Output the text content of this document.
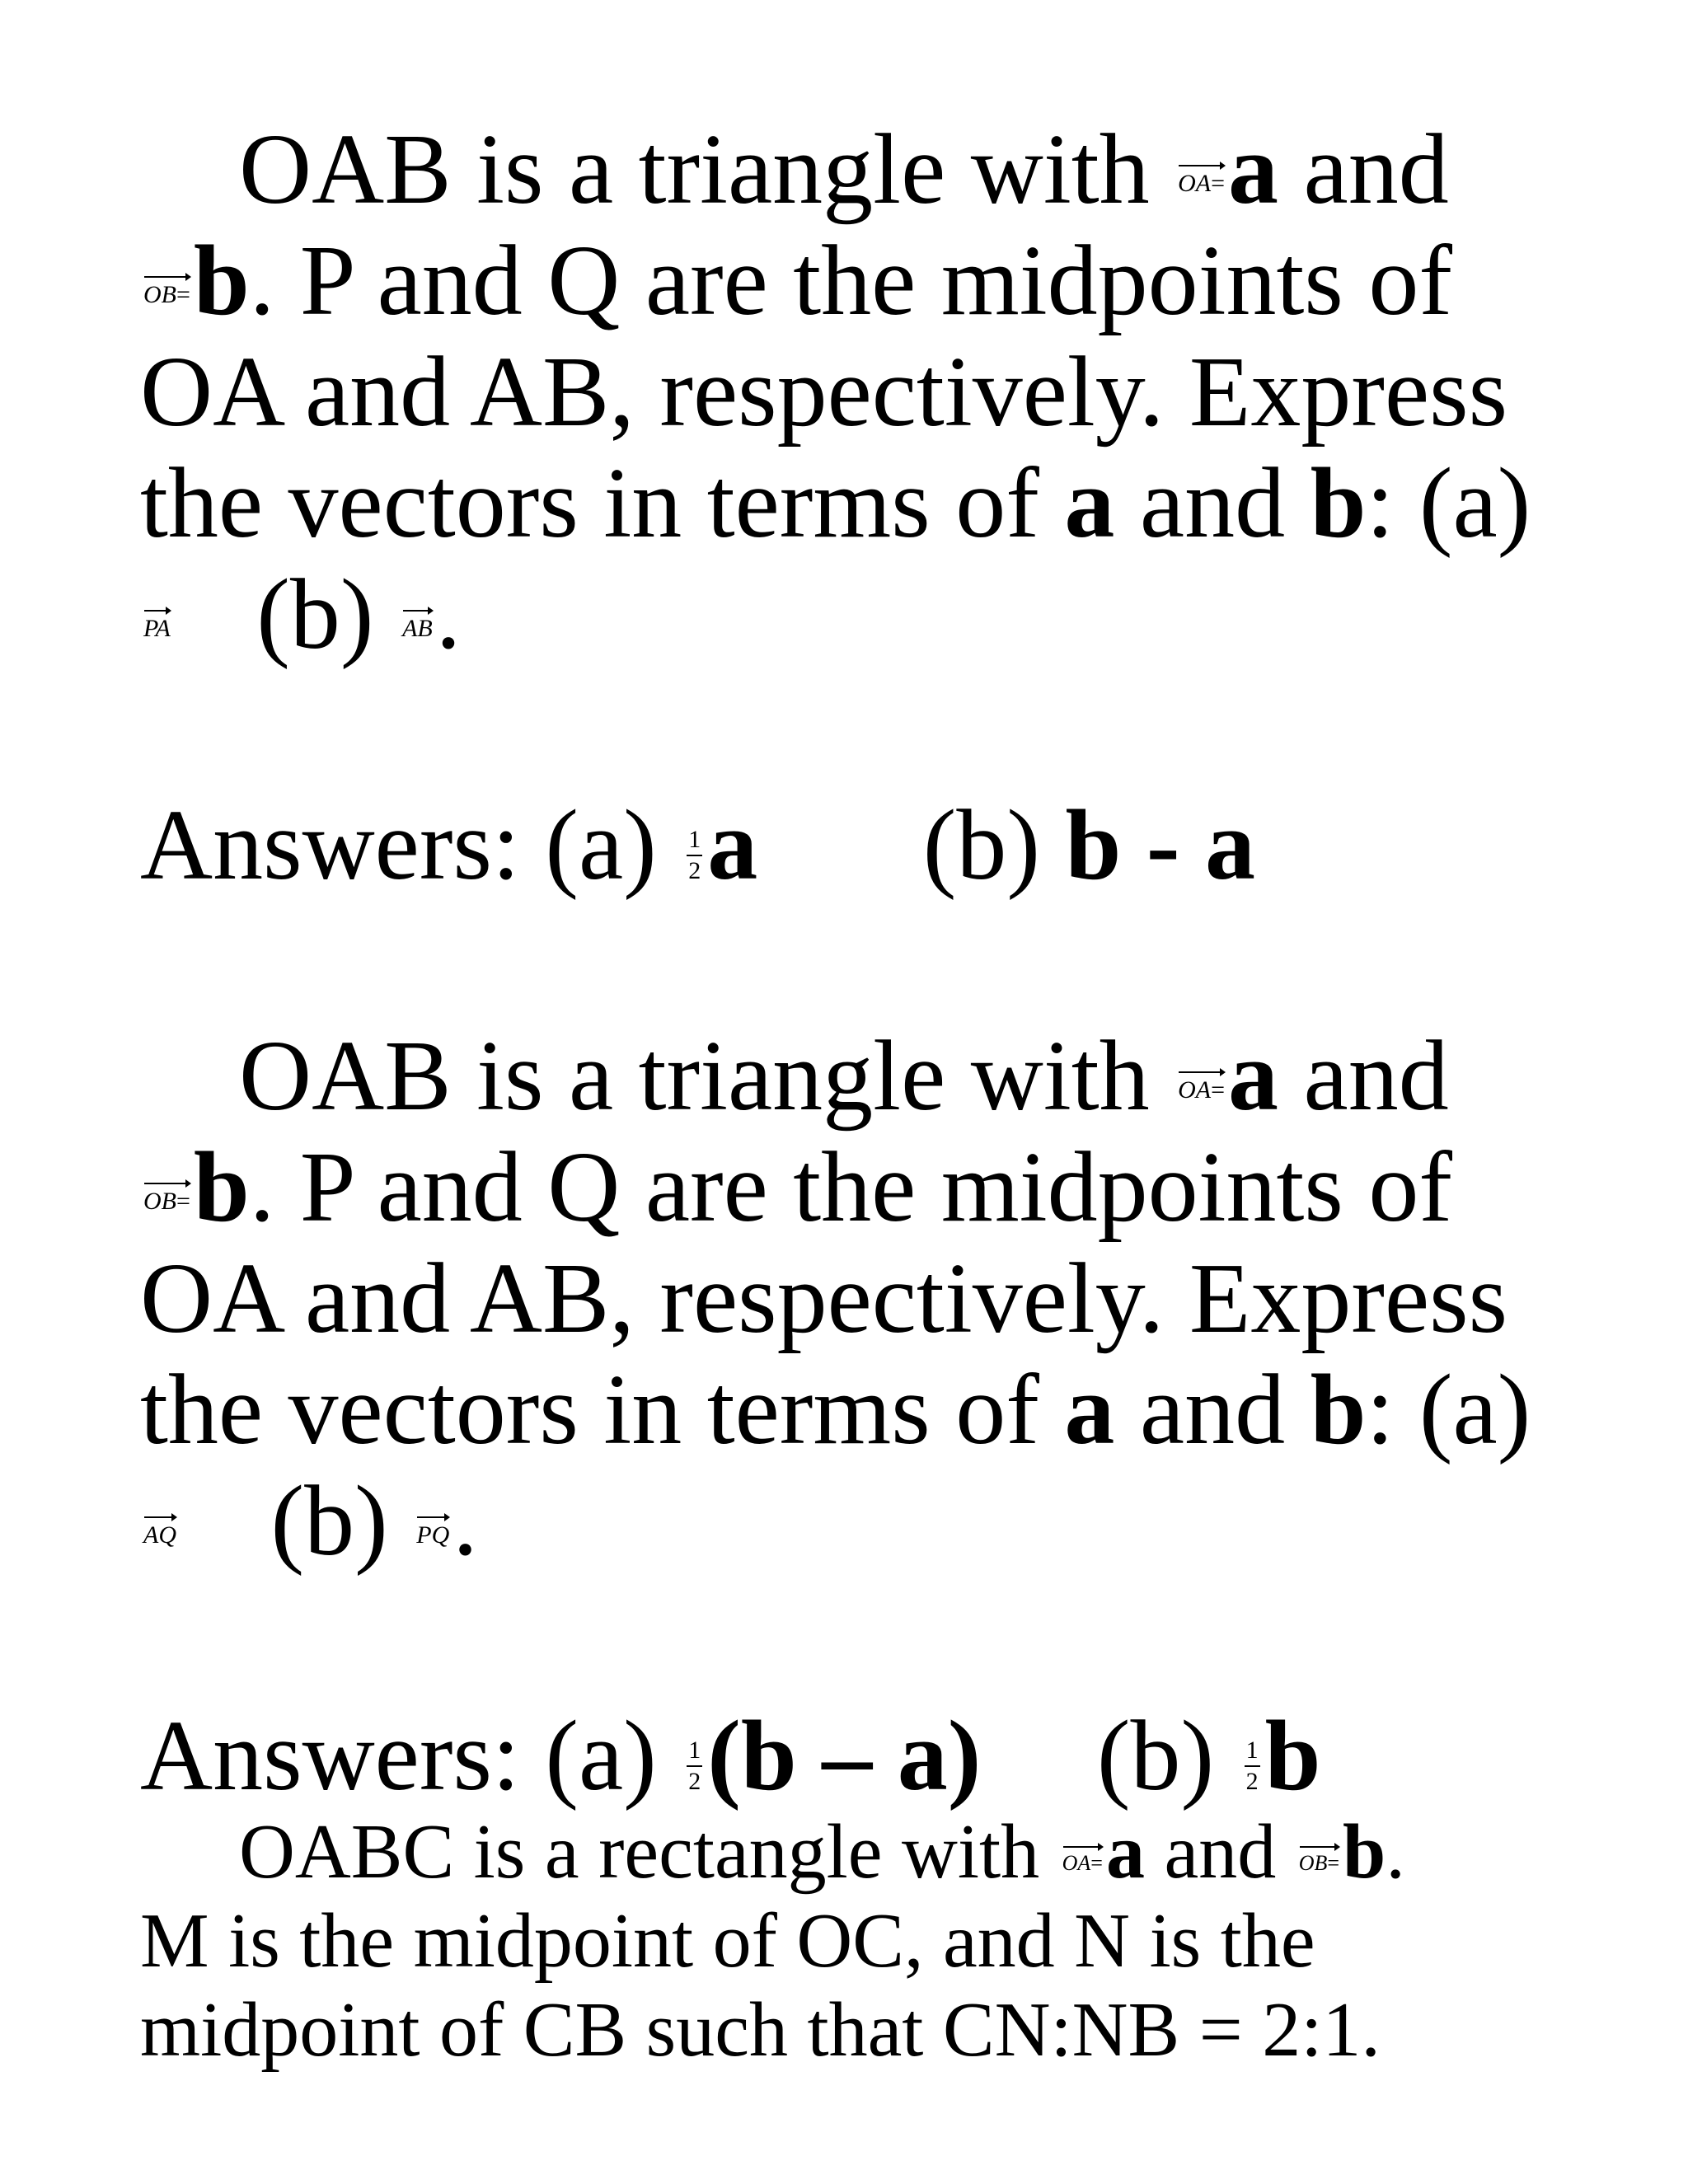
OAB is a triangle with OA=a and
OB=b. P and Q are the midpoints of
OA and AB, respectively. Express
the vectors in terms of a and b: (a)
PA (b) AB.
Answers: $(a) \frac{1}{2}$ a (b) b - a
OAB is a triangle with OA=a and
OB=b. P and Q are the midpoints of
OA and AB, respectively. Express
the vectors in terms of a and b: (a)
AQ (b) PQ.
Answers: $(a) \frac{1}{2} (b - a)$ $(b) \frac{1}{2}$ b
OABC is a rectangle with OA=a and OB=b.
M is the midpoint of OC, and N is the
midpoint of CB such that CN:NB = 2:1.
